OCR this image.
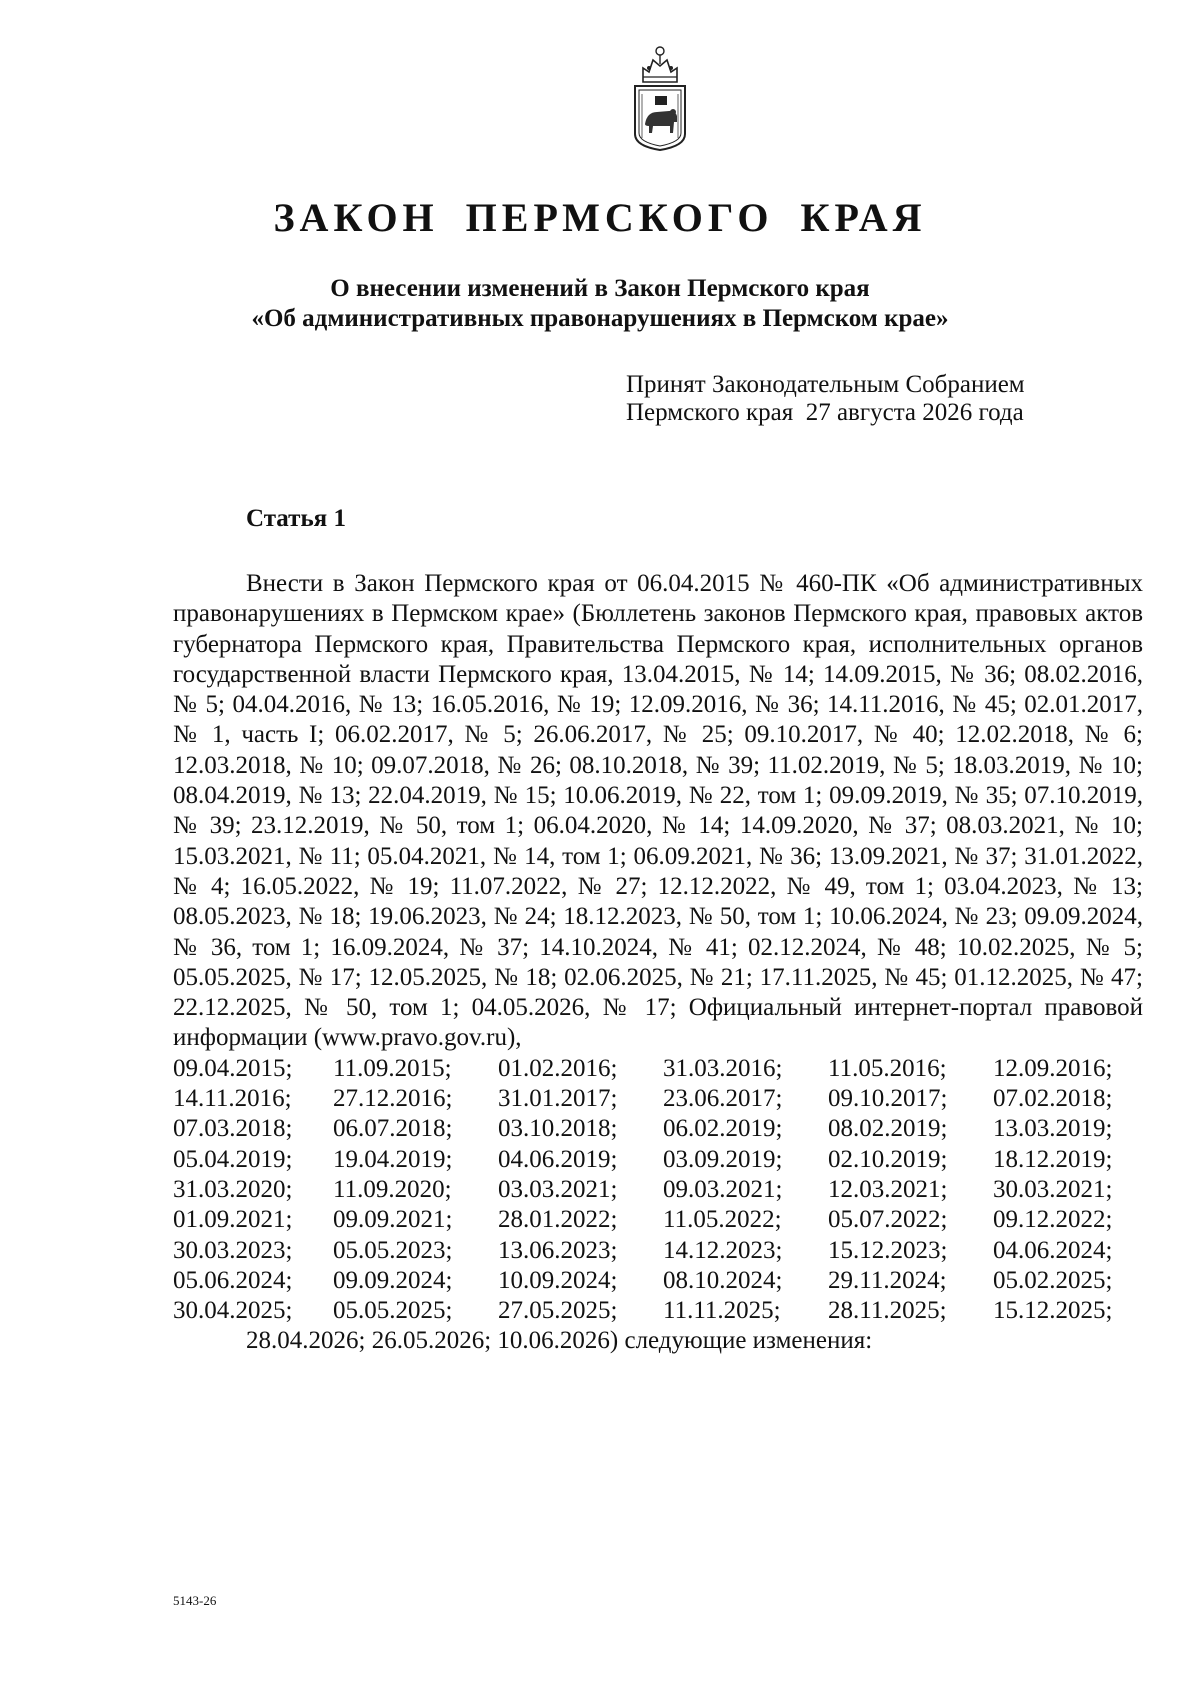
ЗАКОН ПЕРМСКОГО КРАЯ
О внесении изменений в Закон Пермского края
«Об административных правонарушениях в Пермском крае»
Принят Законодательным Собранием
Пермского края  27 августа 2026 года
Статья 1

Внести в Закон Пермского края от 06.04.2015 № 460-ПК «Об административных правонарушениях в Пермском крае» (Бюллетень законов Пермского края, правовых актов губернатора Пермского края, Правительства Пермского края, исполнительных органов государственной власти Пермского края, 13.04.2015, № 14; 14.09.2015, № 36; 08.02.2016, № 5; 04.04.2016, № 13; 16.05.2016, № 19; 12.09.2016, № 36; 14.11.2016, № 45; 02.01.2017, № 1, часть I; 06.02.2017, № 5; 26.06.2017, № 25; 09.10.2017, № 40; 12.02.2018, № 6; 12.03.2018, № 10; 09.07.2018, № 26; 08.10.2018, № 39; 11.02.2019, № 5; 18.03.2019, № 10; 08.04.2019, № 13; 22.04.2019, № 15; 10.06.2019, № 22, том 1; 09.09.2019, № 35; 07.10.2019, № 39; 23.12.2019, № 50, том 1; 06.04.2020, № 14; 14.09.2020, № 37; 08.03.2021, № 10; 15.03.2021, № 11; 05.04.2021, № 14, том 1; 06.09.2021, № 36; 13.09.2021, № 37; 31.01.2022, № 4; 16.05.2022, № 19; 11.07.2022, № 27; 12.12.2022, № 49, том 1; 03.04.2023, № 13; 08.05.2023, № 18; 19.06.2023, № 24; 18.12.2023, № 50, том 1; 10.06.2024, № 23; 09.09.2024, № 36, том 1; 16.09.2024, № 37; 14.10.2024, № 41; 02.12.2024, № 48; 10.02.2025, № 5; 05.05.2025, № 17; 12.05.2025, № 18; 02.06.2025, № 21; 17.11.2025, № 45; 01.12.2025, № 47; 22.12.2025, № 50, том 1; 04.05.2026, № 17; Официальный интернет-портал правовой информации (www.pravo.gov.ru),

09.04.2015;	11.09.2015;	01.02.2016;	31.03.2016;	11.05.2016;	12.09.2016;
14.11.2016;	27.12.2016;	31.01.2017;	23.06.2017;	09.10.2017;	07.02.2018;
07.03.2018;	06.07.2018;	03.10.2018;	06.02.2019;	08.02.2019;	13.03.2019;
05.04.2019;	19.04.2019;	04.06.2019;	03.09.2019;	02.10.2019;	18.12.2019;
31.03.2020;	11.09.2020;	03.03.2021;	09.03.2021;	12.03.2021;	30.03.2021;
01.09.2021;	09.09.2021;	28.01.2022;	11.05.2022;	05.07.2022;	09.12.2022;
30.03.2023;	05.05.2023;	13.06.2023;	14.12.2023;	15.12.2023;	04.06.2024;
05.06.2024;	09.09.2024;	10.09.2024;	08.10.2024;	29.11.2024;	05.02.2025;
30.04.2025;	05.05.2025;	27.05.2025;	11.11.2025;	28.11.2025;	15.12.2025;

28.04.2026; 26.05.2026; 10.06.2026) следующие изменения:

5143-26
